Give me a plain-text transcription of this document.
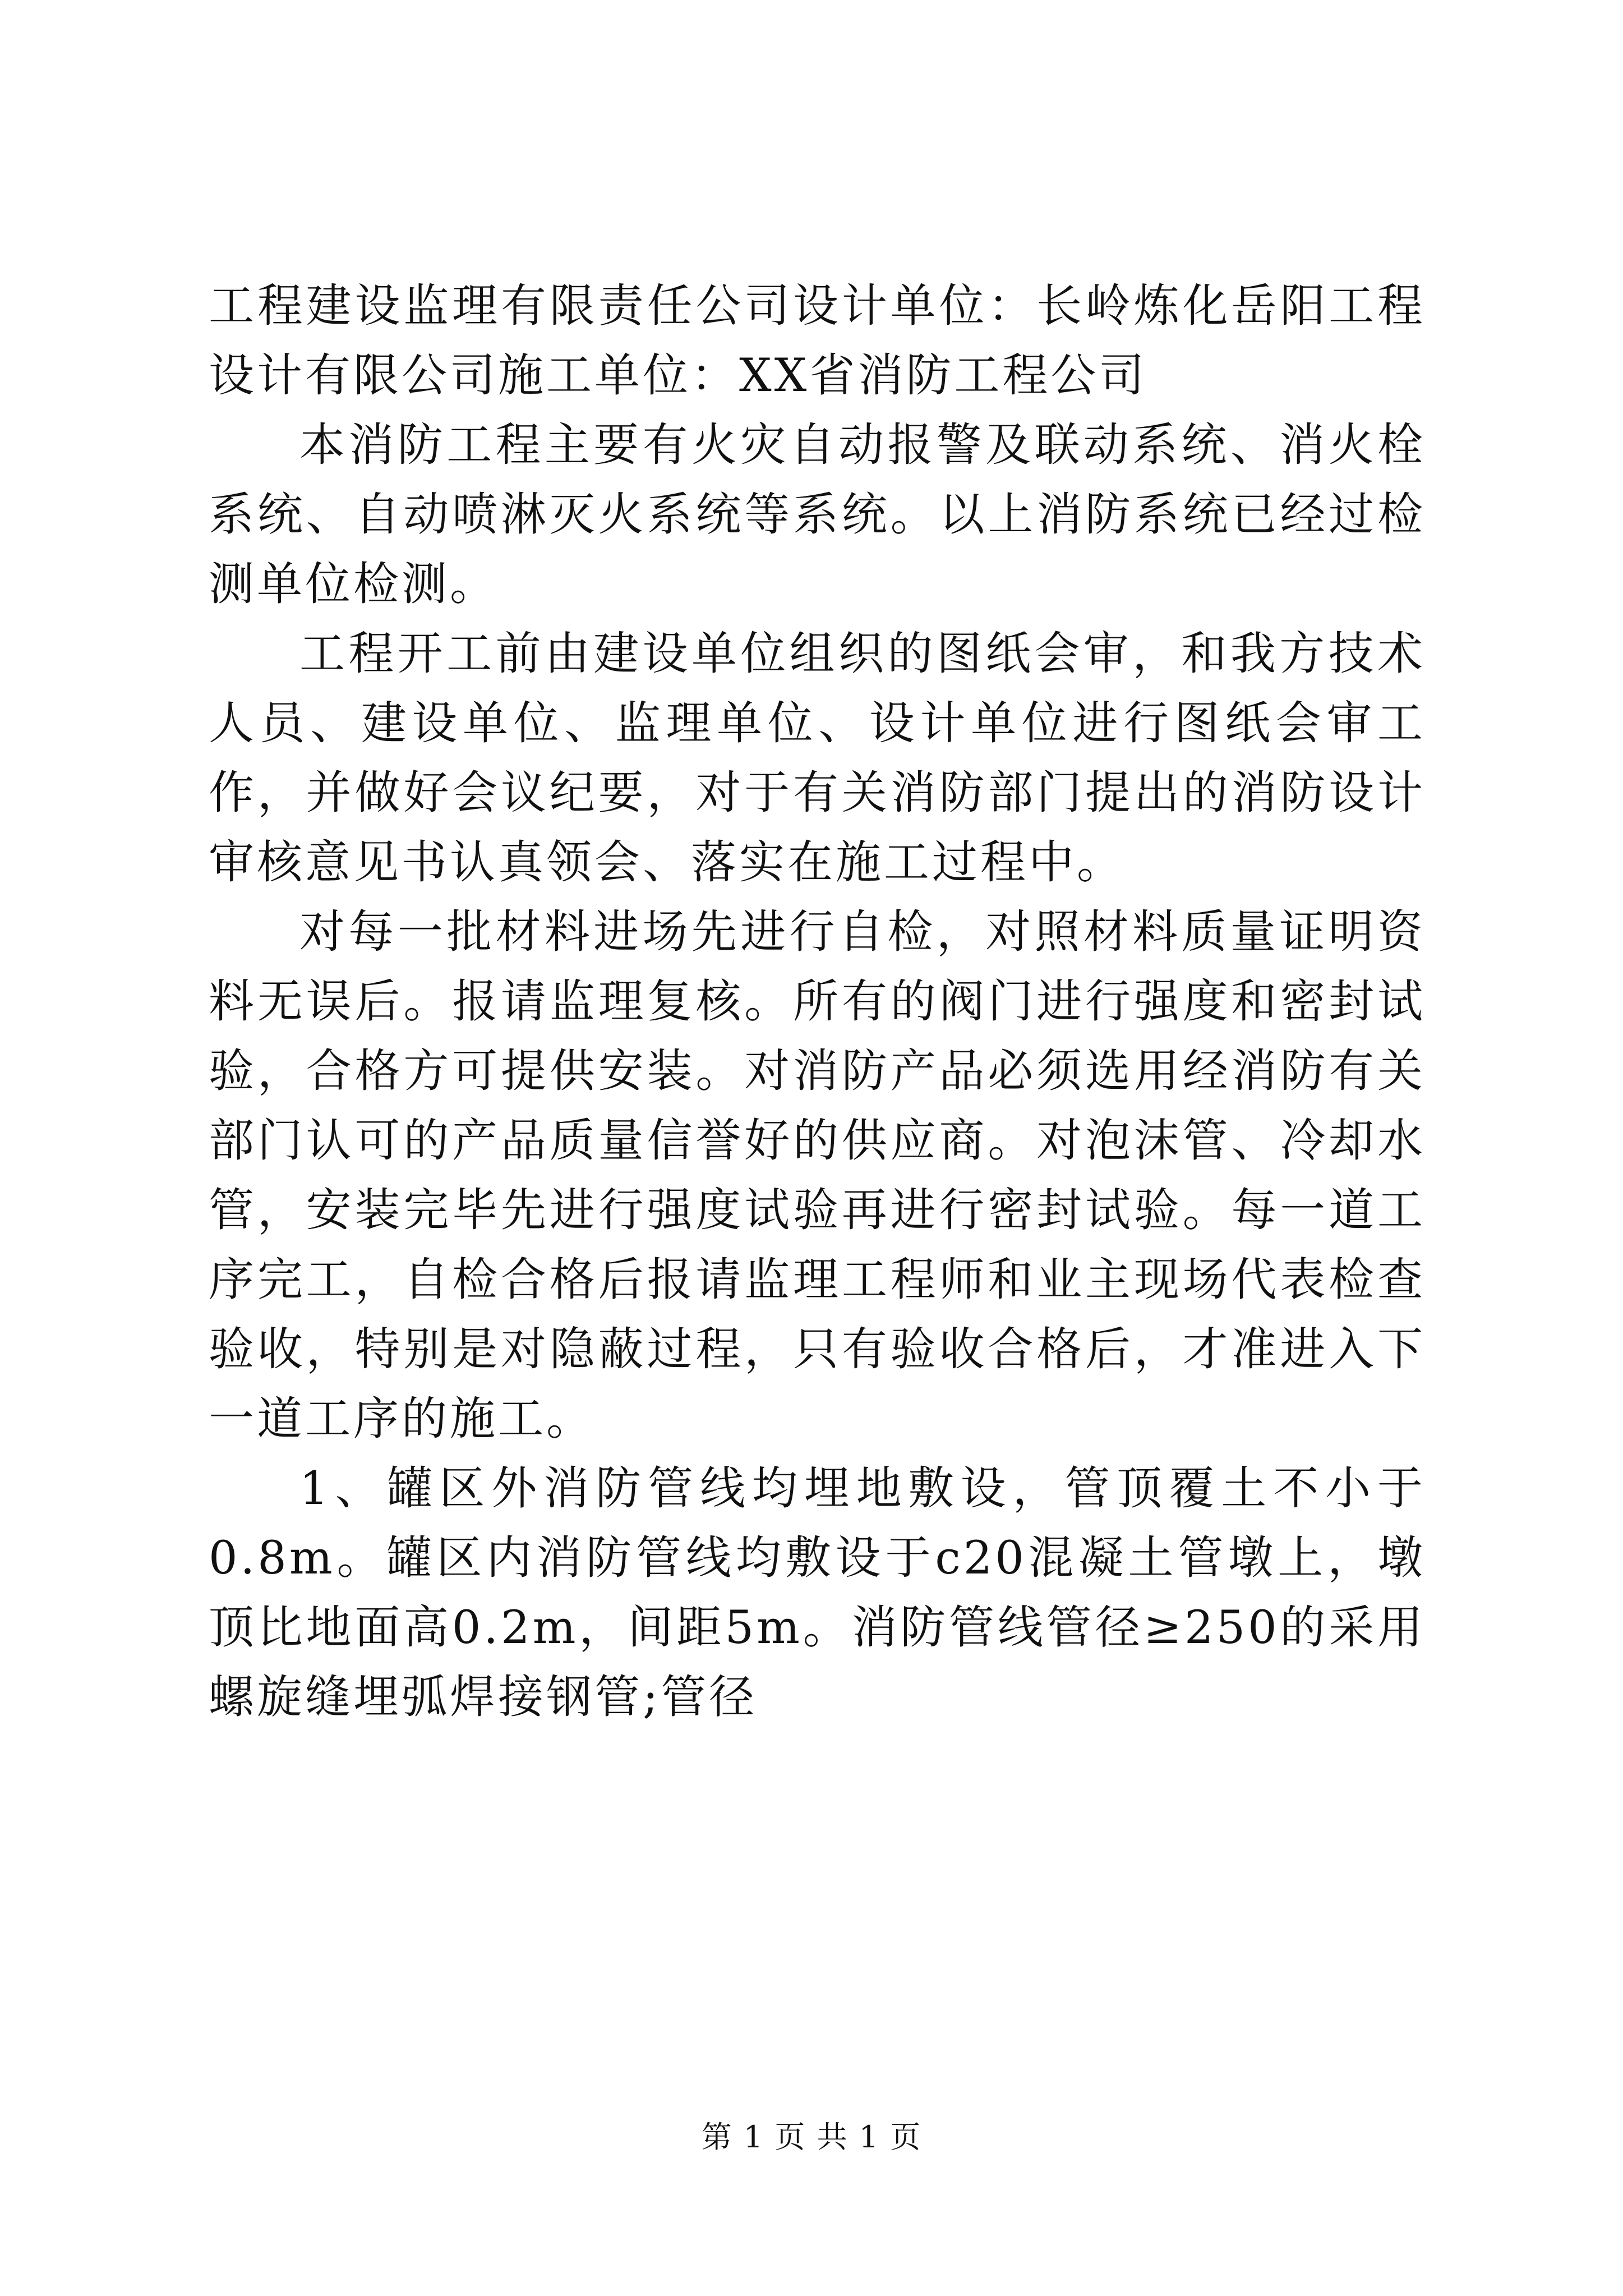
工程建设监理有限责任公司设计单位：长岭炼化岳阳工程设计有限公司施工单位：XX省消防工程公司

本消防工程主要有火灾自动报警及联动系统、消火栓系统、自动喷淋灭火系统等系统。以上消防系统已经过检测单位检测。

工程开工前由建设单位组织的图纸会审，和我方技术人员、建设单位、监理单位、设计单位进行图纸会审工作，并做好会议纪要，对于有关消防部门提出的消防设计审核意见书认真领会、落实在施工过程中。

对每一批材料进场先进行自检，对照材料质量证明资料无误后。报请监理复核。所有的阀门进行强度和密封试验，合格方可提供安装。对消防产品必须选用经消防有关部门认可的产品质量信誉好的供应商。对泡沫管、冷却水管，安装完毕先进行强度试验再进行密封试验。每一道工序完工，自检合格后报请监理工程师和业主现场代表检查验收，特别是对隐蔽过程，只有验收合格后，才准进入下一道工序的施工。

1、罐区外消防管线均埋地敷设，管顶覆土不小于0.8m。罐区内消防管线均敷设于c20混凝土管墩上，墩顶比地面高0.2m，间距5m。消防管线管径≥250的采用螺旋缝埋弧焊接钢管;管径

第 1 页 共 1 页
